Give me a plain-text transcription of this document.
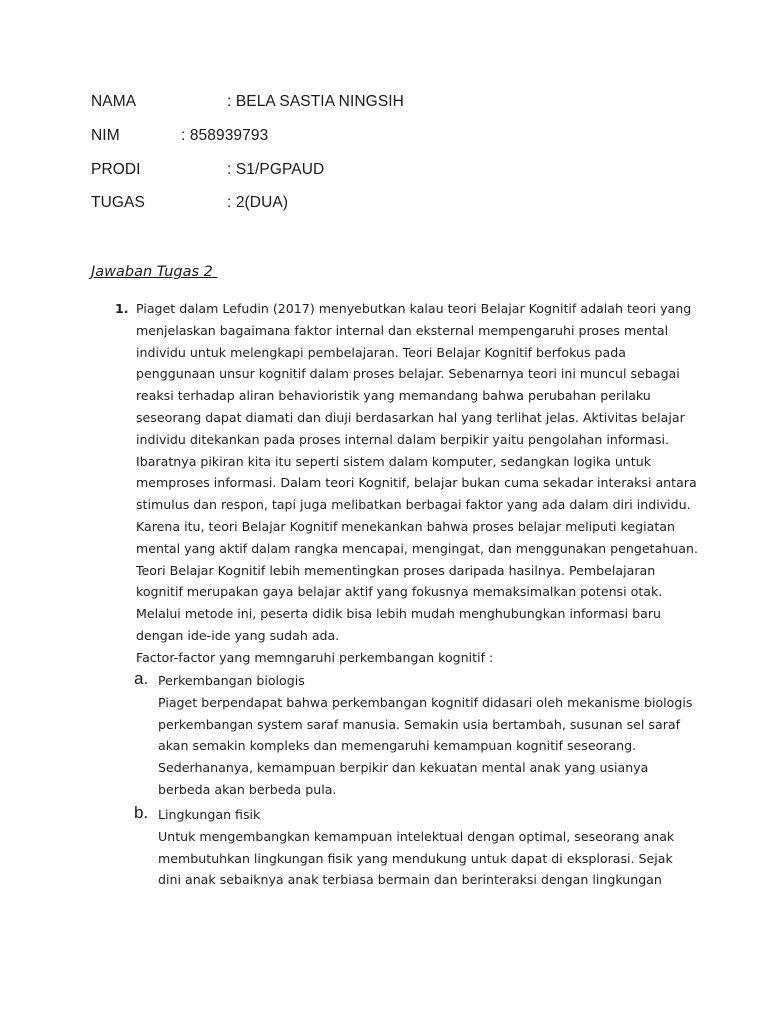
NAMA	: BELA SASTIA NINGSIH
NIM	: 858939793
PRODI	: S1/PGPAUD
TUGAS	: 2(DUA)
Jawaban Tugas 2
1. Piaget dalam Lefudin (2017) menyebutkan kalau teori Belajar Kognitif adalah teori yang
menjelaskan bagaimana faktor internal dan eksternal mempengaruhi proses mental
individu untuk melengkapi pembelajaran. Teori Belajar Kognitif berfokus pada
penggunaan unsur kognitif dalam proses belajar. Sebenarnya teori ini muncul sebagai
reaksi terhadap aliran behavioristik yang memandang bahwa perubahan perilaku
seseorang dapat diamati dan diuji berdasarkan hal yang terlihat jelas. Aktivitas belajar
individu ditekankan pada proses internal dalam berpikir yaitu pengolahan informasi.
Ibaratnya pikiran kita itu seperti sistem dalam komputer, sedangkan logika untuk
memproses informasi. Dalam teori Kognitif, belajar bukan cuma sekadar interaksi antara
stimulus dan respon, tapi juga melibatkan berbagai faktor yang ada dalam diri individu.
Karena itu, teori Belajar Kognitif menekankan bahwa proses belajar meliputi kegiatan
mental yang aktif dalam rangka mencapai, mengingat, dan menggunakan pengetahuan.
Teori Belajar Kognitif lebih mementingkan proses daripada hasilnya. Pembelajaran
kognitif merupakan gaya belajar aktif yang fokusnya memaksimalkan potensi otak.
Melalui metode ini, peserta didik bisa lebih mudah menghubungkan informasi baru
dengan ide-ide yang sudah ada.
Factor-factor yang memngaruhi perkembangan kognitif :
a. Perkembangan biologis
Piaget berpendapat bahwa perkembangan kognitif didasari oleh mekanisme biologis
perkembangan system saraf manusia. Semakin usia bertambah, susunan sel saraf
akan semakin kompleks dan memengaruhi kemampuan kognitif seseorang.
Sederhananya, kemampuan berpikir dan kekuatan mental anak yang usianya
berbeda akan berbeda pula.
b. Lingkungan fisik
Untuk mengembangkan kemampuan intelektual dengan optimal, seseorang anak
membutuhkan lingkungan fisik yang mendukung untuk dapat di eksplorasi. Sejak
dini anak sebaiknya anak terbiasa bermain dan berinteraksi dengan lingkungan
